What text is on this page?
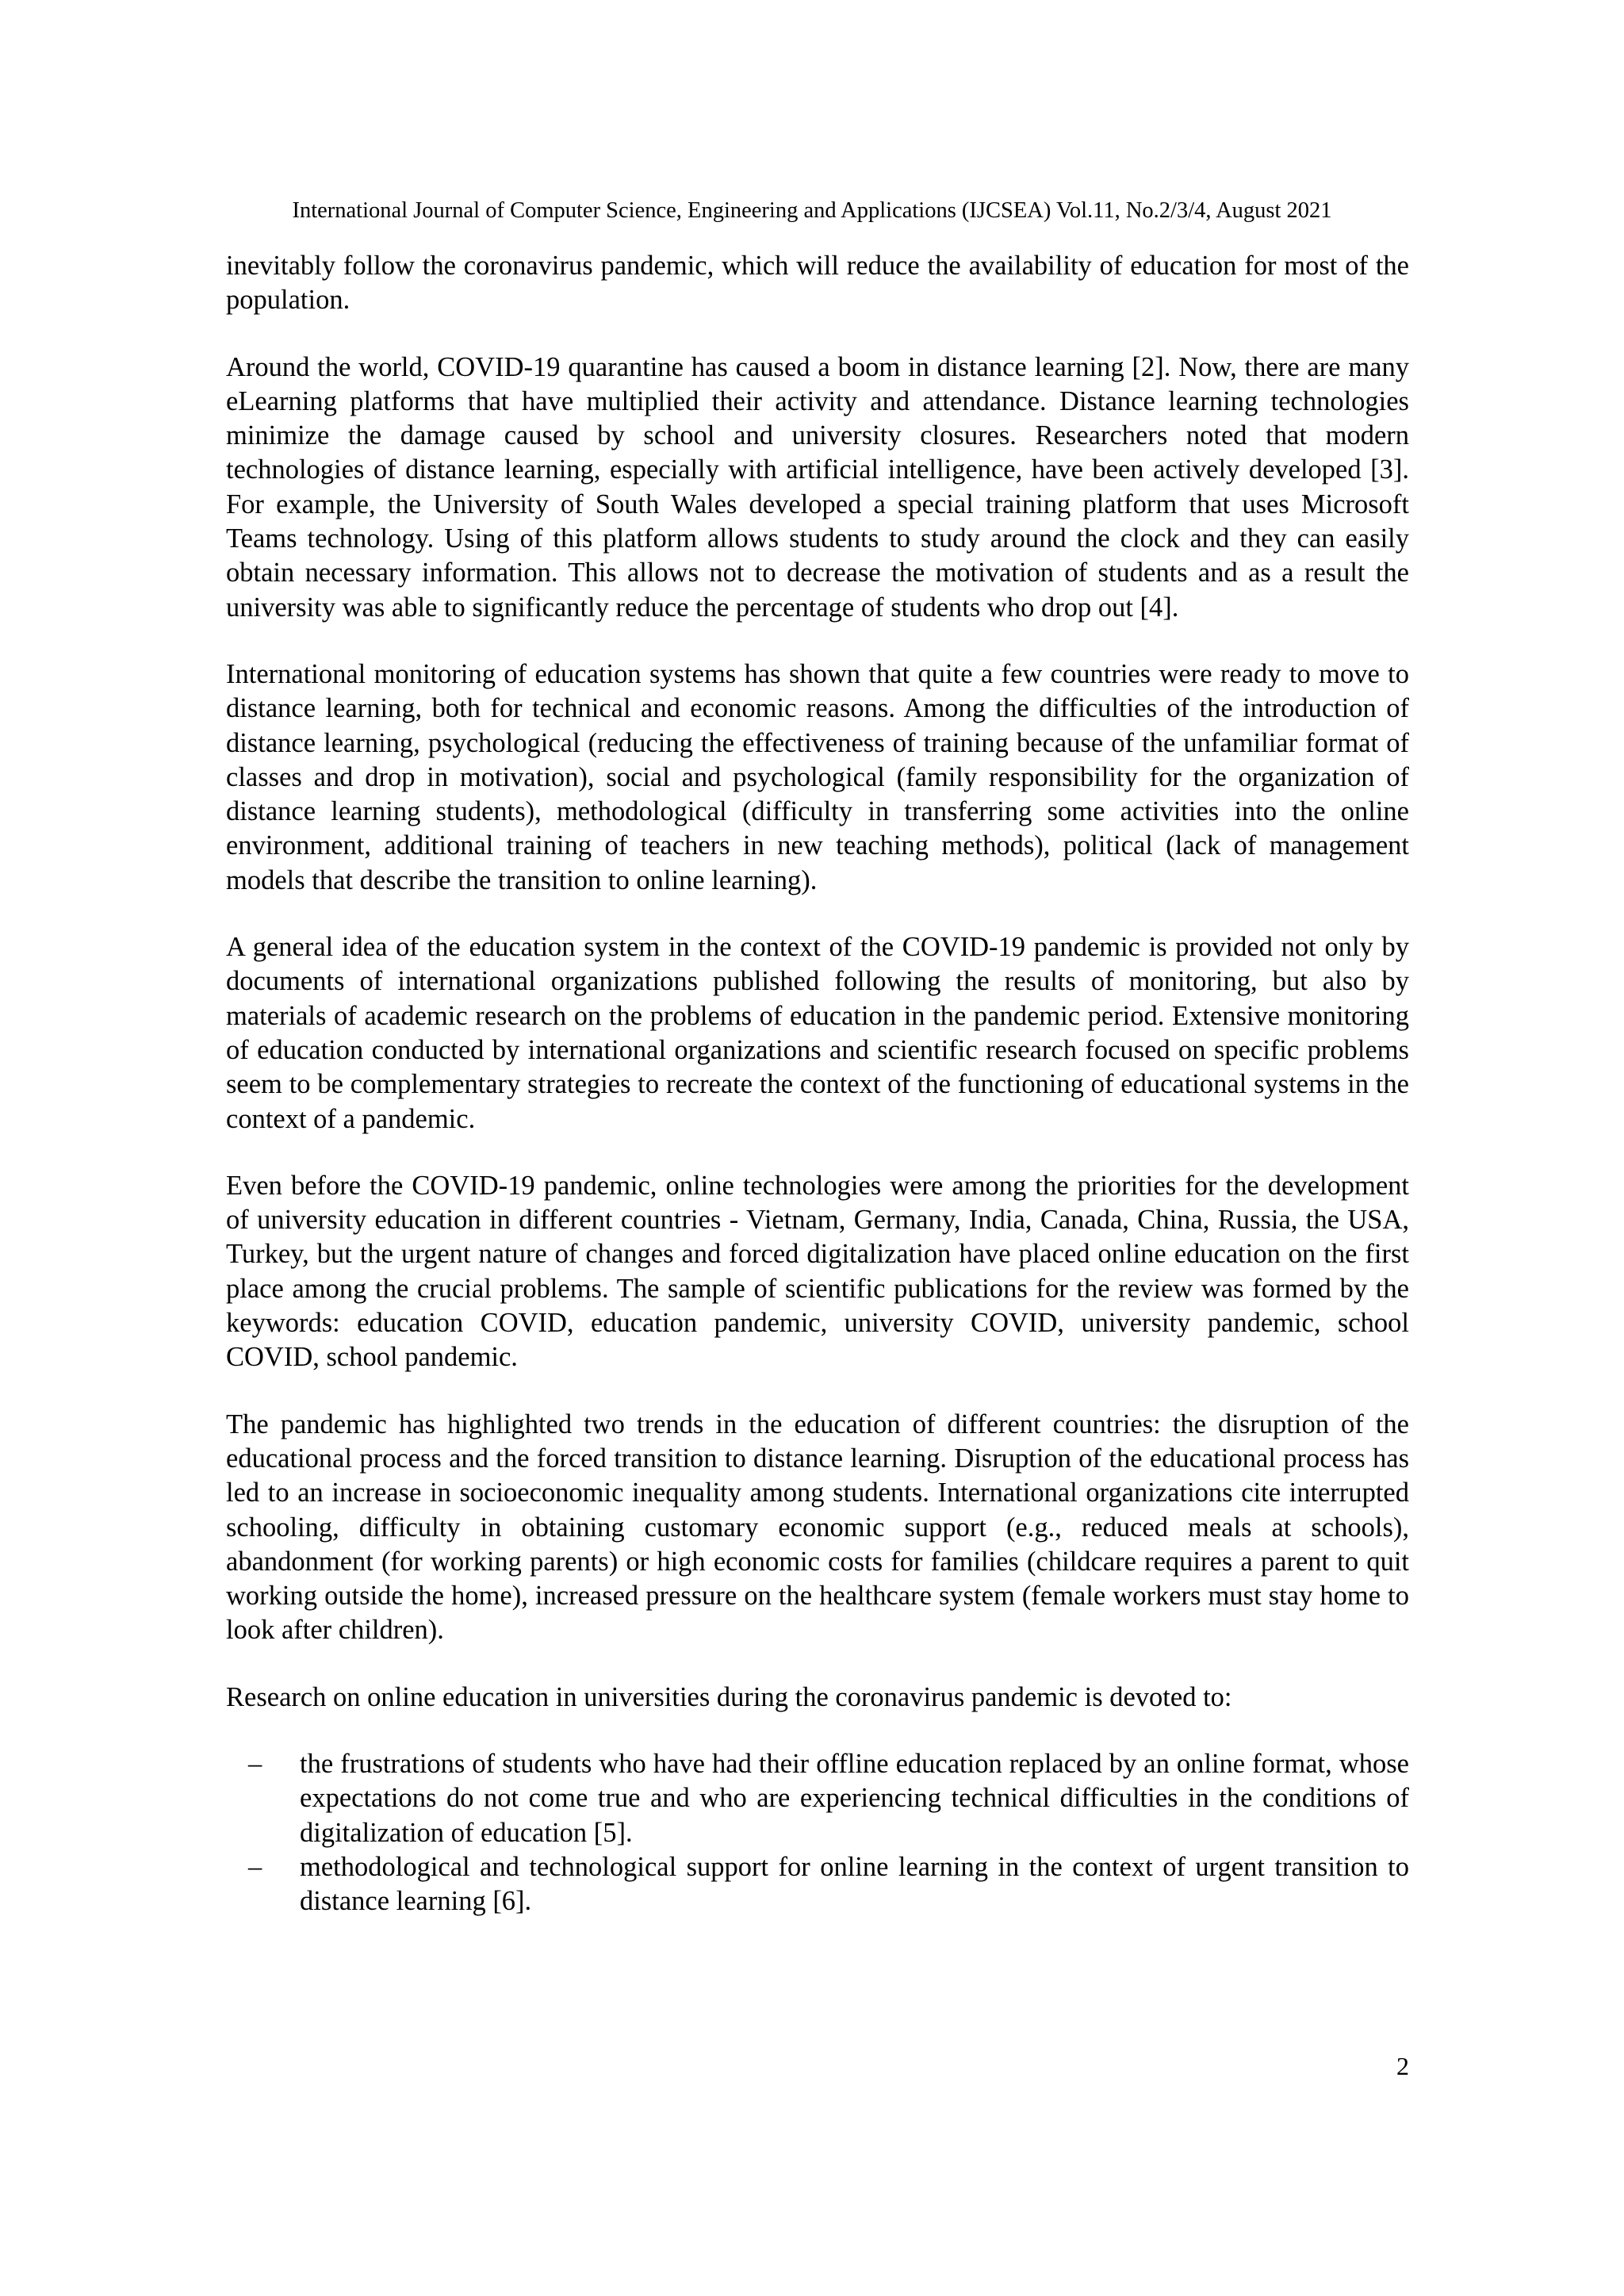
International Journal of Computer Science, Engineering and Applications (IJCSEA) Vol.11, No.2/3/4, August 2021

inevitably follow the coronavirus pandemic, which will reduce the availability of education for most of the population.

Around the world, COVID-19 quarantine has caused a boom in distance learning [2]. Now, there are many eLearning platforms that have multiplied their activity and attendance. Distance learning technologies minimize the damage caused by school and university closures. Researchers noted that modern technologies of distance learning, especially with artificial intelligence, have been actively developed [3]. For example, the University of South Wales developed a special training platform that uses Microsoft Teams technology. Using of this platform allows students to study around the clock and they can easily obtain necessary information. This allows not to decrease the motivation of students and as a result the university was able to significantly reduce the percentage of students who drop out [4].

International monitoring of education systems has shown that quite a few countries were ready to move to distance learning, both for technical and economic reasons. Among the difficulties of the introduction of distance learning, psychological (reducing the effectiveness of training because of the unfamiliar format of classes and drop in motivation), social and psychological (family responsibility for the organization of distance learning students), methodological (difficulty in transferring some activities into the online environment, additional training of teachers in new teaching methods), political (lack of management models that describe the transition to online learning).

A general idea of the education system in the context of the COVID-19 pandemic is provided not only by documents of international organizations published following the results of monitoring, but also by materials of academic research on the problems of education in the pandemic period. Extensive monitoring of education conducted by international organizations and scientific research focused on specific problems seem to be complementary strategies to recreate the context of the functioning of educational systems in the context of a pandemic.

Even before the COVID-19 pandemic, online technologies were among the priorities for the development of university education in different countries - Vietnam, Germany, India, Canada, China, Russia, the USA, Turkey, but the urgent nature of changes and forced digitalization have placed online education on the first place among the crucial problems. The sample of scientific publications for the review was formed by the keywords: education COVID, education pandemic, university COVID, university pandemic, school COVID, school pandemic.

The pandemic has highlighted two trends in the education of different countries: the disruption of the educational process and the forced transition to distance learning. Disruption of the educational process has led to an increase in socioeconomic inequality among students. International organizations cite interrupted schooling, difficulty in obtaining customary economic support (e.g., reduced meals at schools), abandonment (for working parents) or high economic costs for families (childcare requires a parent to quit working outside the home), increased pressure on the healthcare system (female workers must stay home to look after children).

Research on online education in universities during the coronavirus pandemic is devoted to:

– the frustrations of students who have had their offline education replaced by an online format, whose expectations do not come true and who are experiencing technical difficulties in the conditions of digitalization of education [5].
– methodological and technological support for online learning in the context of urgent transition to distance learning [6].
2
